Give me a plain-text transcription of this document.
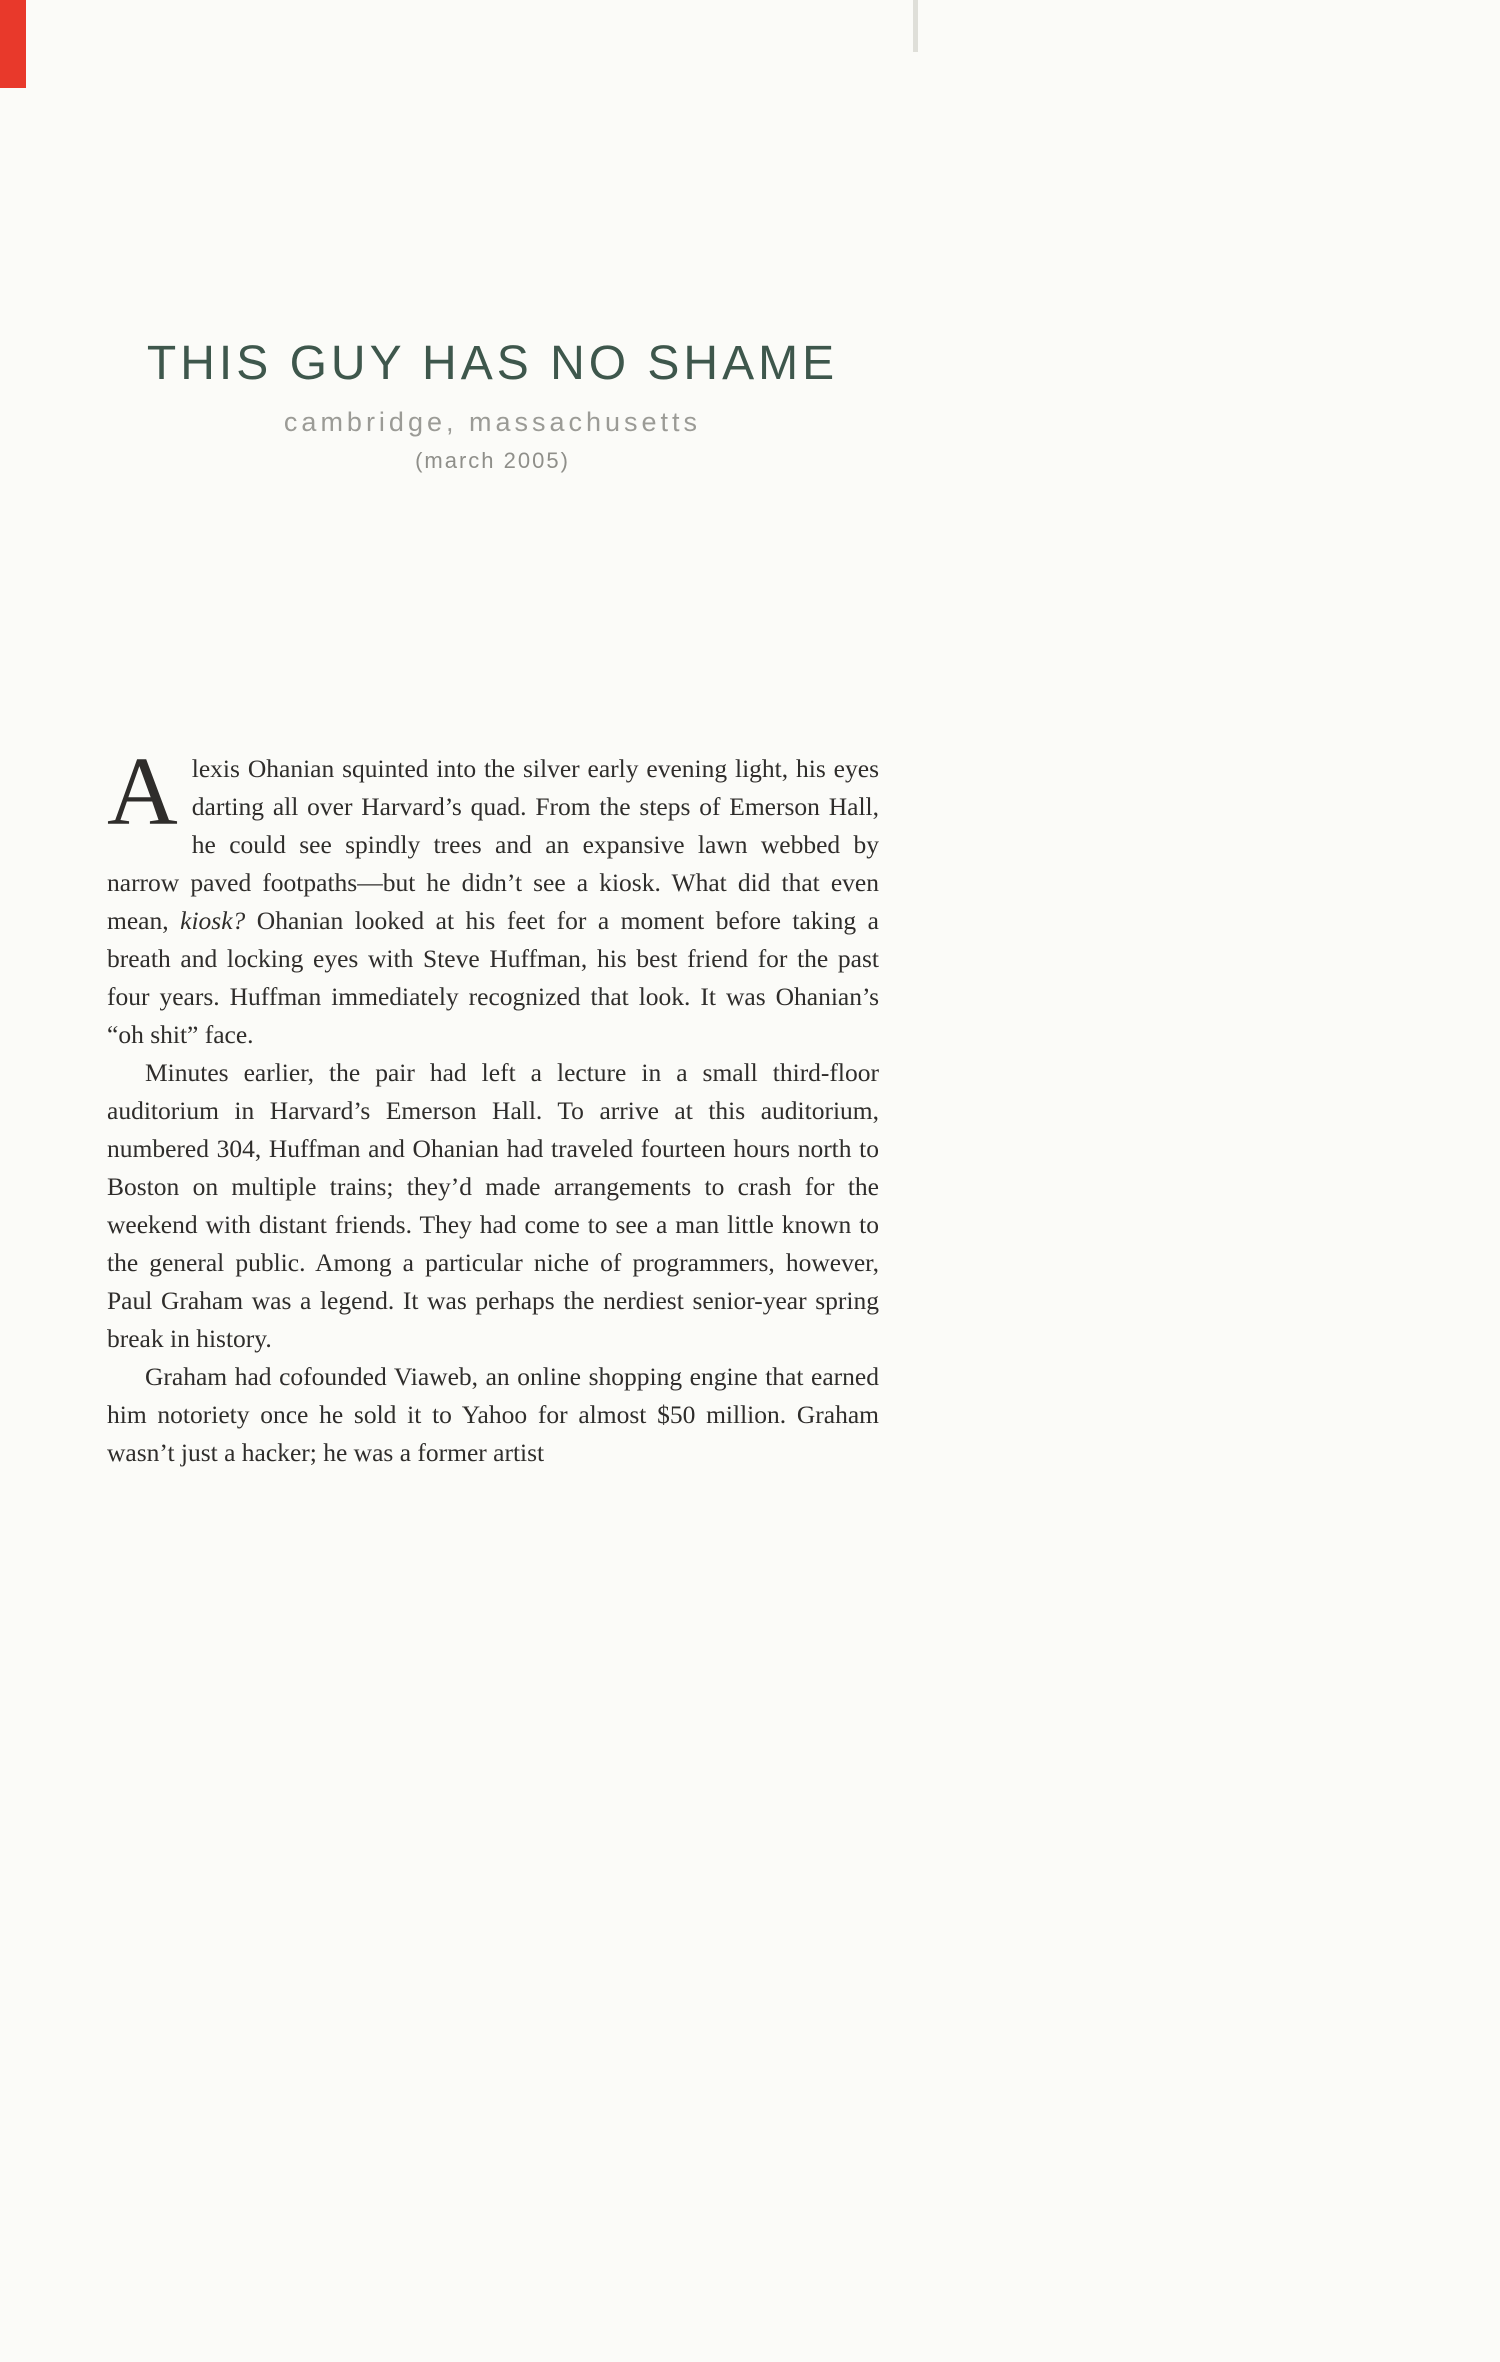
THIS GUY HAS NO SHAME
cambridge, massachusetts
(march 2005)

Alexis Ohanian squinted into the silver early evening light, his eyes darting all over Harvard’s quad. From the steps of Emerson Hall, he could see spindly trees and an expansive lawn webbed by narrow paved footpaths—but he didn’t see a kiosk. What did that even mean, kiosk? Ohanian looked at his feet for a moment before taking a breath and locking eyes with Steve Huffman, his best friend for the past four years. Huffman immediately recognized that look. It was Ohanian’s “oh shit” face.

Minutes earlier, the pair had left a lecture in a small third-floor auditorium in Harvard’s Emerson Hall. To arrive at this auditorium, numbered 304, Huffman and Ohanian had traveled fourteen hours north to Boston on multiple trains; they’d made arrangements to crash for the weekend with distant friends. They had come to see a man little known to the general public. Among a particular niche of programmers, however, Paul Graham was a legend. It was perhaps the nerdiest senior-year spring break in history.

Graham had cofounded Viaweb, an online shopping engine that earned him notoriety once he sold it to Yahoo for almost $50 million. Graham wasn’t just a hacker; he was a former artist
